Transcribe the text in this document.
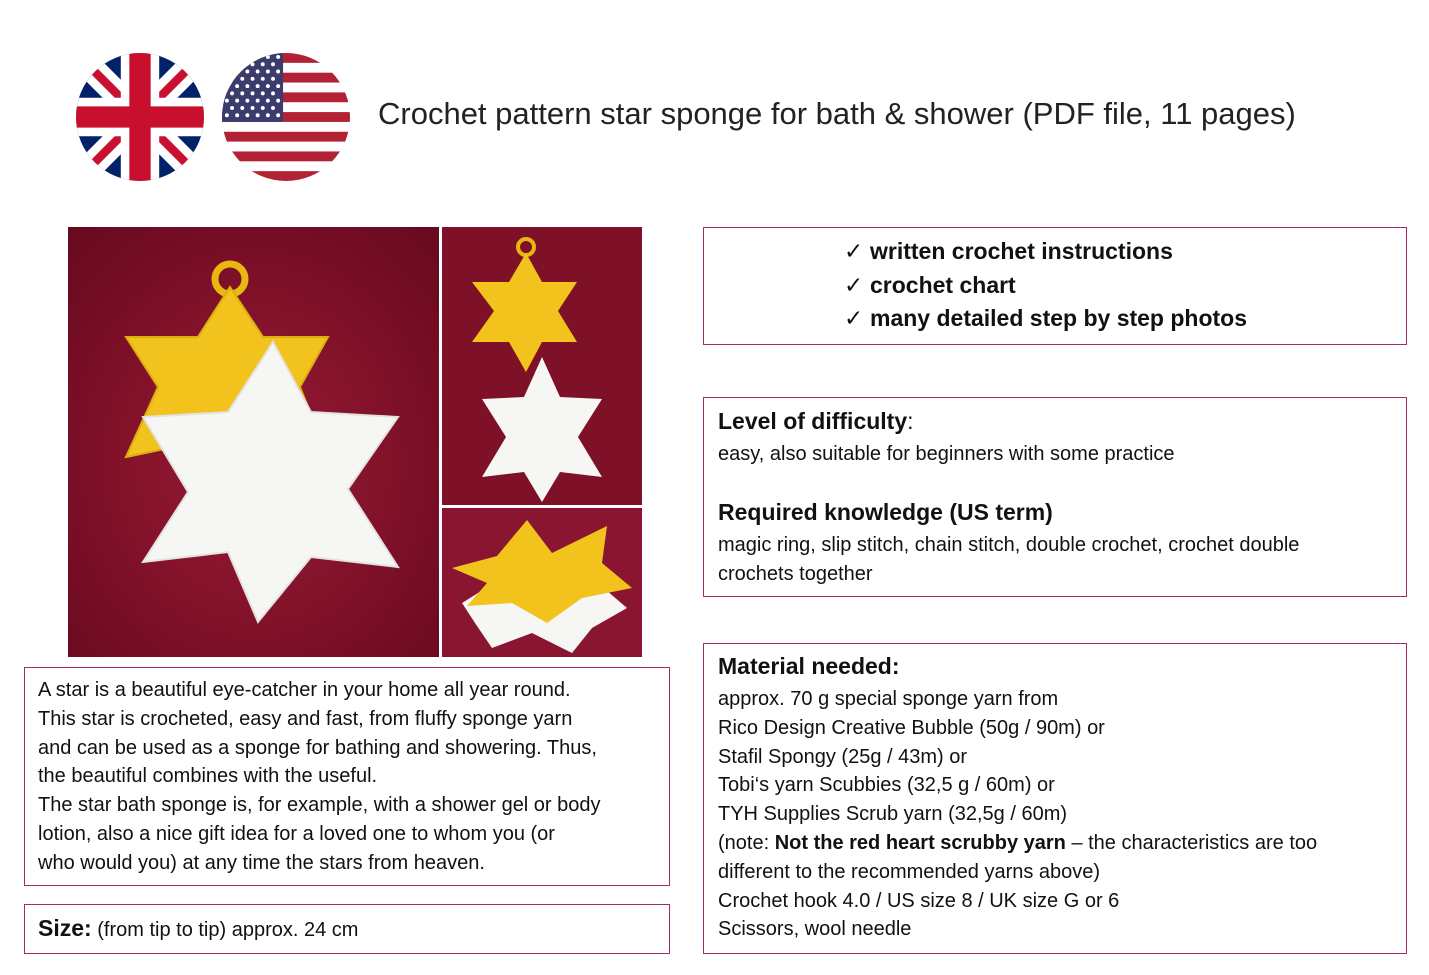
Crochet pattern star sponge for bath & shower (PDF file, 11 pages)
✓ written crochet instructions
✓ crochet chart
✓ many detailed step by step photos
Level of difficulty:
easy, also suitable for beginners with some practice
Required knowledge (US term)
magic ring, slip stitch, chain stitch, double crochet, crochet double
crochets together
A star is a beautiful eye-catcher in your home all year round.
This star is crocheted, easy and fast, from fluffy sponge yarn
and can be used as a sponge for bathing and showering. Thus,
the beautiful combines with the useful.
The star bath sponge is, for example, with a shower gel or body
lotion, also a nice gift idea for a loved one to whom you (or
who would you) at any time the stars from heaven.
Size: (from tip to tip) approx. 24 cm
Material needed:
approx. 70 g special sponge yarn from
Rico Design Creative Bubble (50g / 90m) or
Stafil Spongy (25g / 43m) or
Tobi‘s yarn Scubbies (32,5 g / 60m) or
TYH Supplies Scrub yarn (32,5g / 60m)
(note: Not the red heart scrubby yarn – the characteristics are too
different to the recommended yarns above)
Crochet hook 4.0 / US size 8 / UK size G or 6
Scissors, wool needle
